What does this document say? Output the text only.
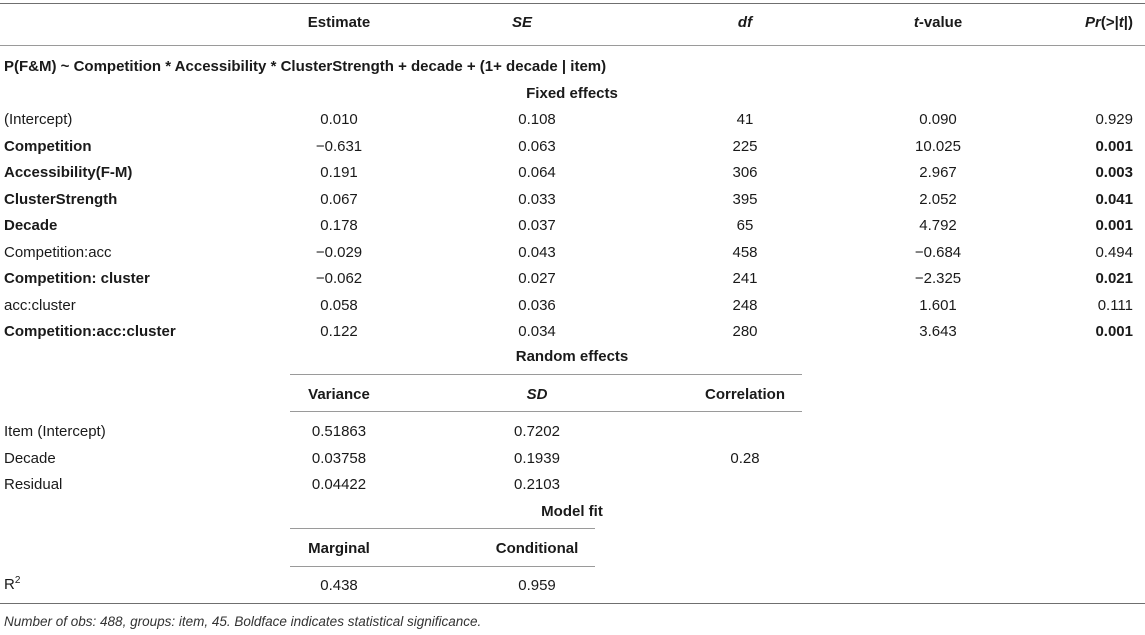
Estimate	SE	df	t-value	Pr(>|t|)
P(F&M) ~ Competition * Accessibility * ClusterStrength + decade + (1+ decade | item)
Fixed effects
(Intercept)	0.010	0.108	41	0.090	0.929
Competition	−0.631	0.063	225	10.025	0.001
Accessibility(F-M)	0.191	0.064	306	2.967	0.003
ClusterStrength	0.067	0.033	395	2.052	0.041
Decade	0.178	0.037	65	4.792	0.001
Competition:acc	−0.029	0.043	458	−0.684	0.494
Competition: cluster	−0.062	0.027	241	−2.325	0.021
acc:cluster	0.058	0.036	248	1.601	0.111
Competition:acc:cluster	0.122	0.034	280	3.643	0.001
Random effects
Variance	SD	Correlation
Item (Intercept)	0.51863	0.7202
Decade	0.03758	0.1939	0.28
Residual	0.04422	0.2103
Model fit
Marginal	Conditional
$R^2$	0.438	0.959
Number of obs: 488, groups: item, 45. Boldface indicates statistical significance.
